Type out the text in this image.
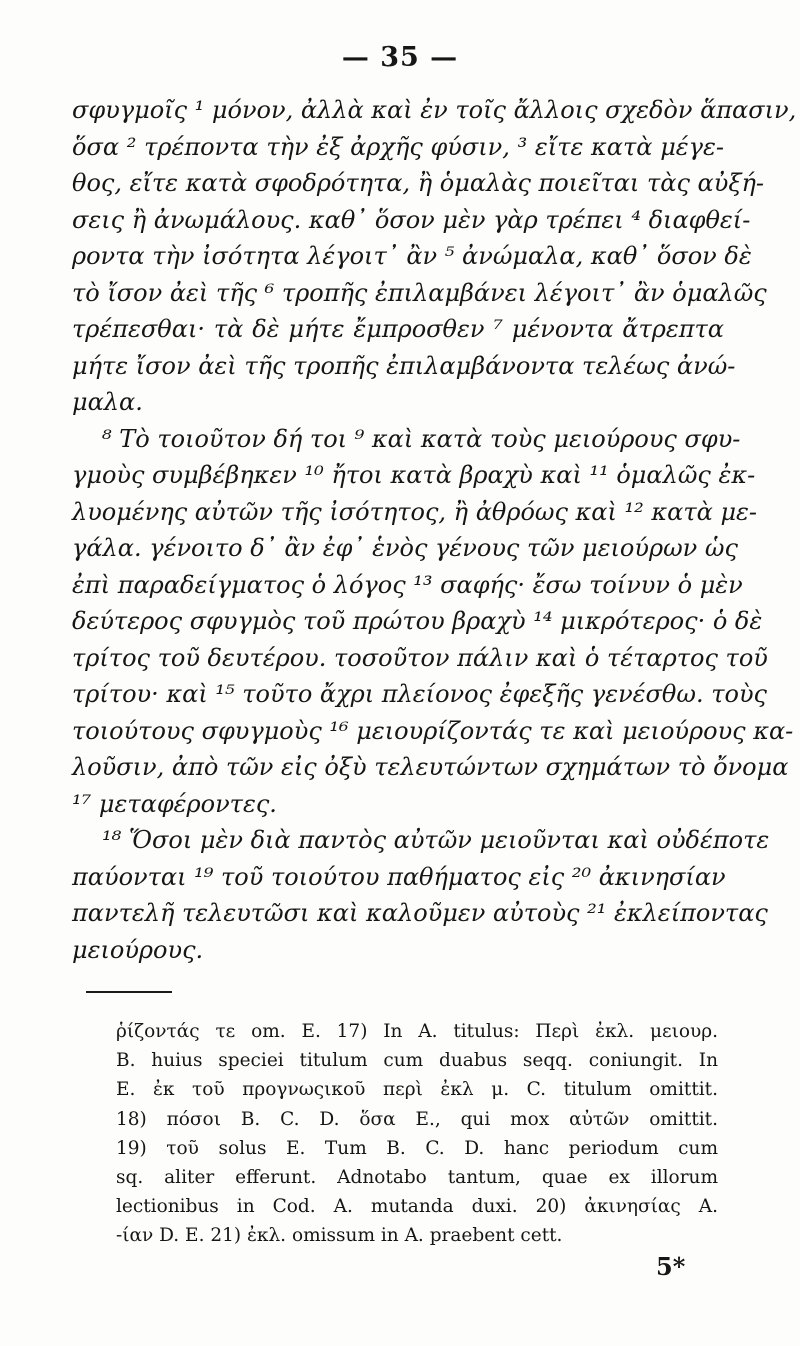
— 35 —
σφυγμοῖς ¹ μόνον, ἀλλὰ καὶ ἐν τοῖς ἄλλοις σχεδὸν ἅπασιν,
ὅσα ² τρέποντα τὴν ἐξ ἀρχῆς φύσιν, ³ εἴτε κατὰ μέγε-
θος, εἴτε κατὰ σφοδρότητα, ἢ ὁμαλὰς ποιεῖται τὰς αὐξή-
σεις ἢ ἀνωμάλους. καθ᾽ ὅσον μὲν γὰρ τρέπει ⁴ διαφθεί-
ροντα τὴν ἰσότητα λέγοιτ᾽ ἂν ⁵ ἀνώμαλα, καθ᾽ ὅσον δὲ
τὸ ἴσον ἀεὶ τῆς ⁶ τροπῆς ἐπιλαμβάνει λέγοιτ᾽ ἂν ὁμαλῶς
τρέπεσθαι· τὰ δὲ μήτε ἔμπροσθεν ⁷ μένοντα ἄτρεπτα
μήτε ἴσον ἀεὶ τῆς τροπῆς ἐπιλαμβάνοντα τελέως ἀνώ-
μαλα.
⁸ Τὸ τοιοῦτον δή τοι ⁹ καὶ κατὰ τοὺς μειούρους σφυ-
γμοὺς συμβέβηκεν ¹⁰ ἤτοι κατὰ βραχὺ καὶ ¹¹ ὁμαλῶς ἐκ-
λυομένης αὐτῶν τῆς ἰσότητος, ἢ ἀθρόως καὶ ¹² κατὰ με-
γάλα. γένοιτο δ᾽ ἂν ἐφ᾽ ἑνὸς γένους τῶν μειούρων ὡς
ἐπὶ παραδείγματος ὁ λόγος ¹³ σαφής· ἔσω τοίνυν ὁ μὲν
δεύτερος σφυγμὸς τοῦ πρώτου βραχὺ ¹⁴ μικρότερος· ὁ δὲ
τρίτος τοῦ δευτέρου. τοσοῦτον πάλιν καὶ ὁ τέταρτος τοῦ
τρίτου· καὶ ¹⁵ τοῦτο ἄχρι πλείονος ἐφεξῆς γενέσθω. τοὺς
τοιούτους σφυγμοὺς ¹⁶ μειουρίζοντάς τε καὶ μειούρους κα-
λοῦσιν, ἀπὸ τῶν εἰς ὀξὺ τελευτώντων σχημάτων τὸ ὄνομα
¹⁷ μεταφέροντες.
¹⁸ Ὅσοι μὲν διὰ παντὸς αὐτῶν μειοῦνται καὶ οὐδέποτε
παύονται ¹⁹ τοῦ τοιούτου παθήματος εἰς ²⁰ ἀκινησίαν
παντελῆ τελευτῶσι καὶ καλοῦμεν αὐτοὺς ²¹ ἐκλείποντας
μειούρους.
ῥίζοντάς τε om. E. 17) In A. titulus: Περὶ ἐκλ. μειουρ.
B. huius speciei titulum cum duabus seqq. coniungit. In
E. ἐκ τοῦ προγνωςικοῦ περὶ ἐκλ μ. C. titulum omittit.
18) πόσοι B. C. D. ὅσα E., qui mox αὐτῶν omittit.
19) τοῦ solus E. Tum B. C. D. hanc periodum cum
sq. aliter efferunt. Adnotabo tantum, quae ex illorum
lectionibus in Cod. A. mutanda duxi. 20) ἀκινησίας A.
-ίαν D. E. 21) ἐκλ. omissum in A. praebent cett.
5*
